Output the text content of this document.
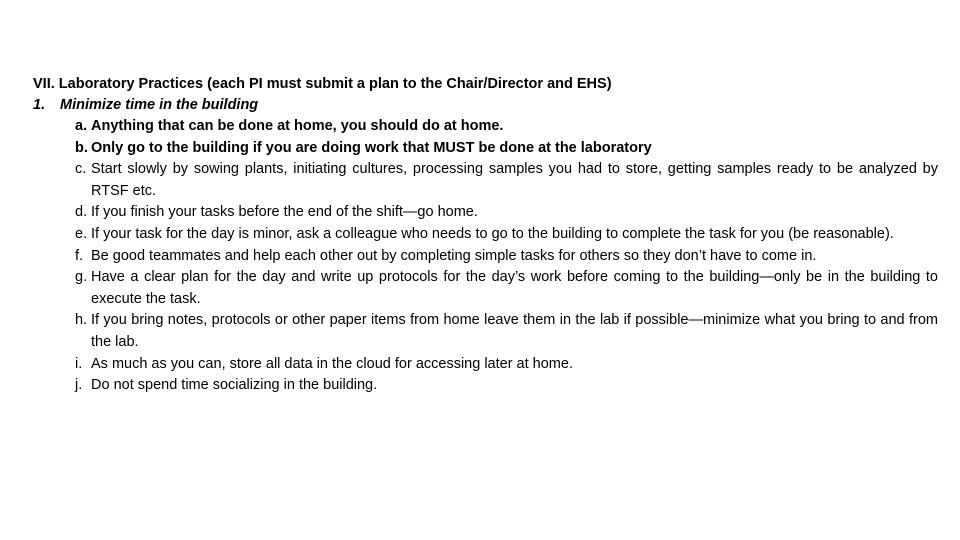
VII. Laboratory Practices (each PI must submit a plan to the Chair/Director and EHS)

1.	Minimize time in the building
a. Anything that can be done at home, you should do at home.
b. Only go to the building if you are doing work that MUST be done at the laboratory
c. Start slowly by sowing plants, initiating cultures, processing samples you had to store, getting samples ready to be analyzed by RTSF etc.
d. If you finish your tasks before the end of the shift—go home.
e. If your task for the day is minor, ask a colleague who needs to go to the building to complete the task for you (be reasonable).
f. Be good teammates and help each other out by completing simple tasks for others so they don’t have to come in.
g. Have a clear plan for the day and write up protocols for the day’s work before coming to the building—only be in the building to execute the task.
h. If you bring notes, protocols or other paper items from home leave them in the lab if possible—minimize what you bring to and from the lab.
i. As much as you can, store all data in the cloud for accessing later at home.
j. Do not spend time socializing in the building.
